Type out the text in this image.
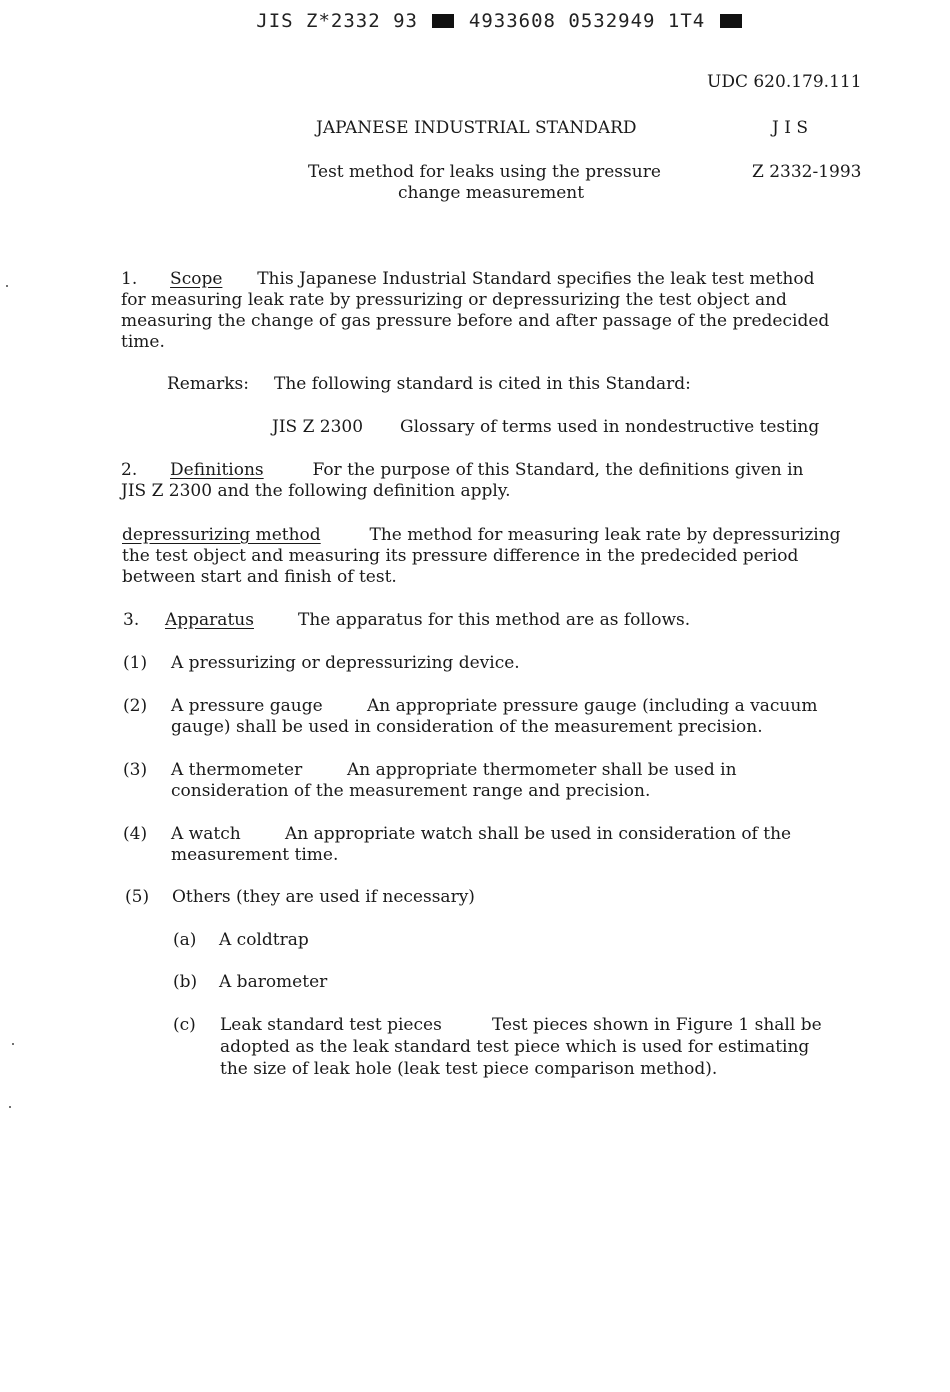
JIS Z*2332 93	4933608 0532949 1T4
UDC 620.179.111
JAPANESE INDUSTRIAL STANDARD	J I S
Test method for leaks using the pressure
change measurement
Z 2332-1993
1. Scope This Japanese Industrial Standard specifies the leak test method
for measuring leak rate by pressurizing or depressurizing the test object and
measuring the change of gas pressure before and after passage of the predecided
time.
Remarks: The following standard is cited in this Standard:
JIS Z 2300 Glossary of terms used in nondestructive testing
2. Definitions	For the purpose of this Standard, the definitions given in
JIS Z 2300 and the following definition apply.
depressurizing method	The method for measuring leak rate by depressurizing
the test object and measuring its pressure difference in the predecided period
between start and finish of test.
3. Apparatus	The apparatus for this method are as follows.
(1) A pressurizing or depressurizing device.
(2) A pressure gauge	An appropriate pressure gauge (including a vacuum
gauge) shall be used in consideration of the measurement precision.
(3) A thermometer	An appropriate thermometer shall be used in
consideration of the measurement range and precision.
(4) A watch	An appropriate watch shall be used in consideration of the
measurement time.
(5) Others (they are used if necessary)
(a) A coldtrap
(b) A barometer
(c) Leak standard test pieces	Test pieces shown in Figure 1 shall be
adopted as the leak standard test piece which is used for estimating
the size of leak hole (leak test piece comparison method).
